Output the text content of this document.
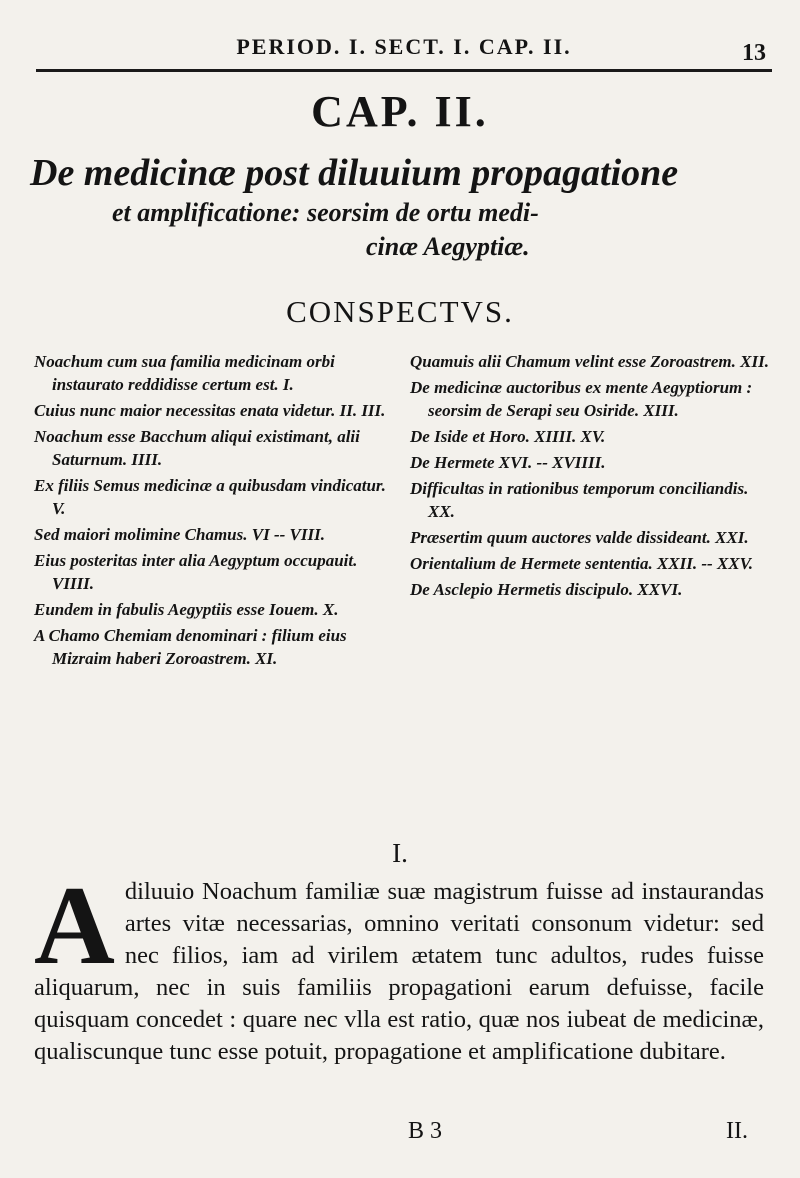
PERIOD. I. SECT. I. CAP. II.	13
CAP. II.
De medicinæ post diluuium propagatione
et amplificatione: seorsim de ortu medi-
cinæ Aegyptiæ.
CONSPECTVS.
Noachum cum sua familia medicinam orbi instaurato reddidisse certum est. I.
Cuius nunc maior necessitas enata videtur. II. III.
Noachum esse Bacchum aliqui existimant, alii Saturnum. IIII.
Ex filiis Semus medicinæ a quibusdam vindicatur. V.
Sed maiori molimine Chamus. VI -- VIII.
Eius posteritas inter alia Aegyptum occupauit. VIIII.
Eundem in fabulis Aegyptiis esse Iouem. X.
A Chamo Chemiam denominari : filium eius Mizraim haberi Zoroastrem. XI.
Quamuis alii Chamum velint esse Zoroastrem. XII.
De medicinæ auctoribus ex mente Aegyptiorum : seorsim de Serapi seu Osiride. XIII.
De Iside et Horo. XIIII. XV.
De Hermete XVI. -- XVIIII.
Difficultas in rationibus temporum conciliandis. XX.
Præsertim quum auctores valde dissideant. XXI.
Orientalium de Hermete sententia. XXII. -- XXV.
De Asclepio Hermetis discipulo. XXVI.
I.
A diluuio Noachum familiæ suæ magistrum fuisse ad instaurandas artes vitæ necessarias, omnino veritati consonum videtur: sed nec filios, iam ad virilem ætatem tunc adultos, rudes fuisse aliquarum, nec in suis familiis propagationi earum defuisse, facile quisquam concedet : quare nec vlla est ratio, quæ nos iubeat de medicinæ, qualiscunque tunc esse potuit, propagatione et amplificatione dubitare.
B 3	II.
